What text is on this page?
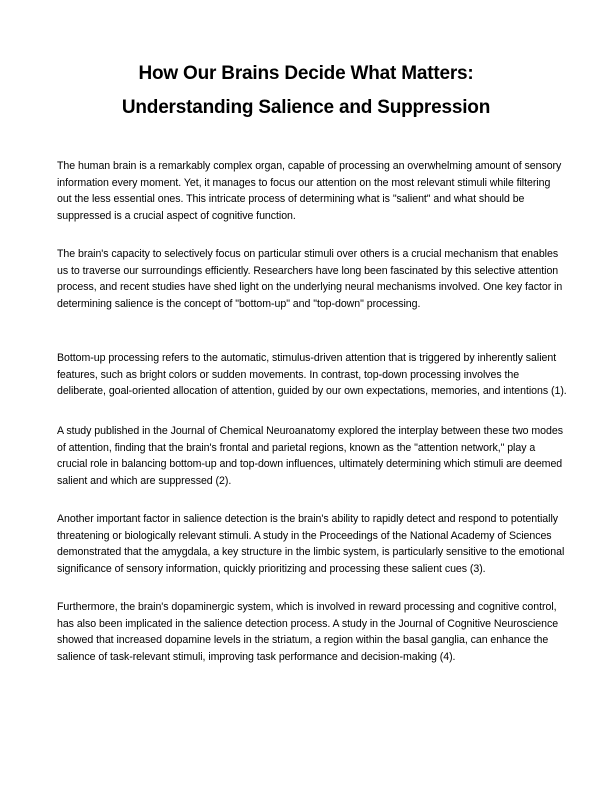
How Our Brains Decide What Matters:
Understanding Salience and Suppression

The human brain is a remarkably complex organ, capable of processing an overwhelming amount of sensory information every moment. Yet, it manages to focus our attention on the most relevant stimuli while filtering out the less essential ones. This intricate process of determining what is "salient" and what should be suppressed is a crucial aspect of cognitive function.

The brain's capacity to selectively focus on particular stimuli over others is a crucial mechanism that enables us to traverse our surroundings efficiently. Researchers have long been fascinated by this selective attention process, and recent studies have shed light on the underlying neural mechanisms involved. One key factor in determining salience is the concept of "bottom-up" and "top-down" processing.

Bottom-up processing refers to the automatic, stimulus-driven attention that is triggered by inherently salient features, such as bright colors or sudden movements. In contrast, top-down processing involves the deliberate, goal-oriented allocation of attention, guided by our own expectations, memories, and intentions (1).

A study published in the Journal of Chemical Neuroanatomy explored the interplay between these two modes of attention, finding that the brain's frontal and parietal regions, known as the "attention network," play a crucial role in balancing bottom-up and top-down influences, ultimately determining which stimuli are deemed salient and which are suppressed (2).

Another important factor in salience detection is the brain's ability to rapidly detect and respond to potentially threatening or biologically relevant stimuli. A study in the Proceedings of the National Academy of Sciences demonstrated that the amygdala, a key structure in the limbic system, is particularly sensitive to the emotional significance of sensory information, quickly prioritizing and processing these salient cues (3).

Furthermore, the brain's dopaminergic system, which is involved in reward processing and cognitive control, has also been implicated in the salience detection process. A study in the Journal of Cognitive Neuroscience showed that increased dopamine levels in the striatum, a region within the basal ganglia, can enhance the salience of task-relevant stimuli, improving task performance and decision-making (4).
